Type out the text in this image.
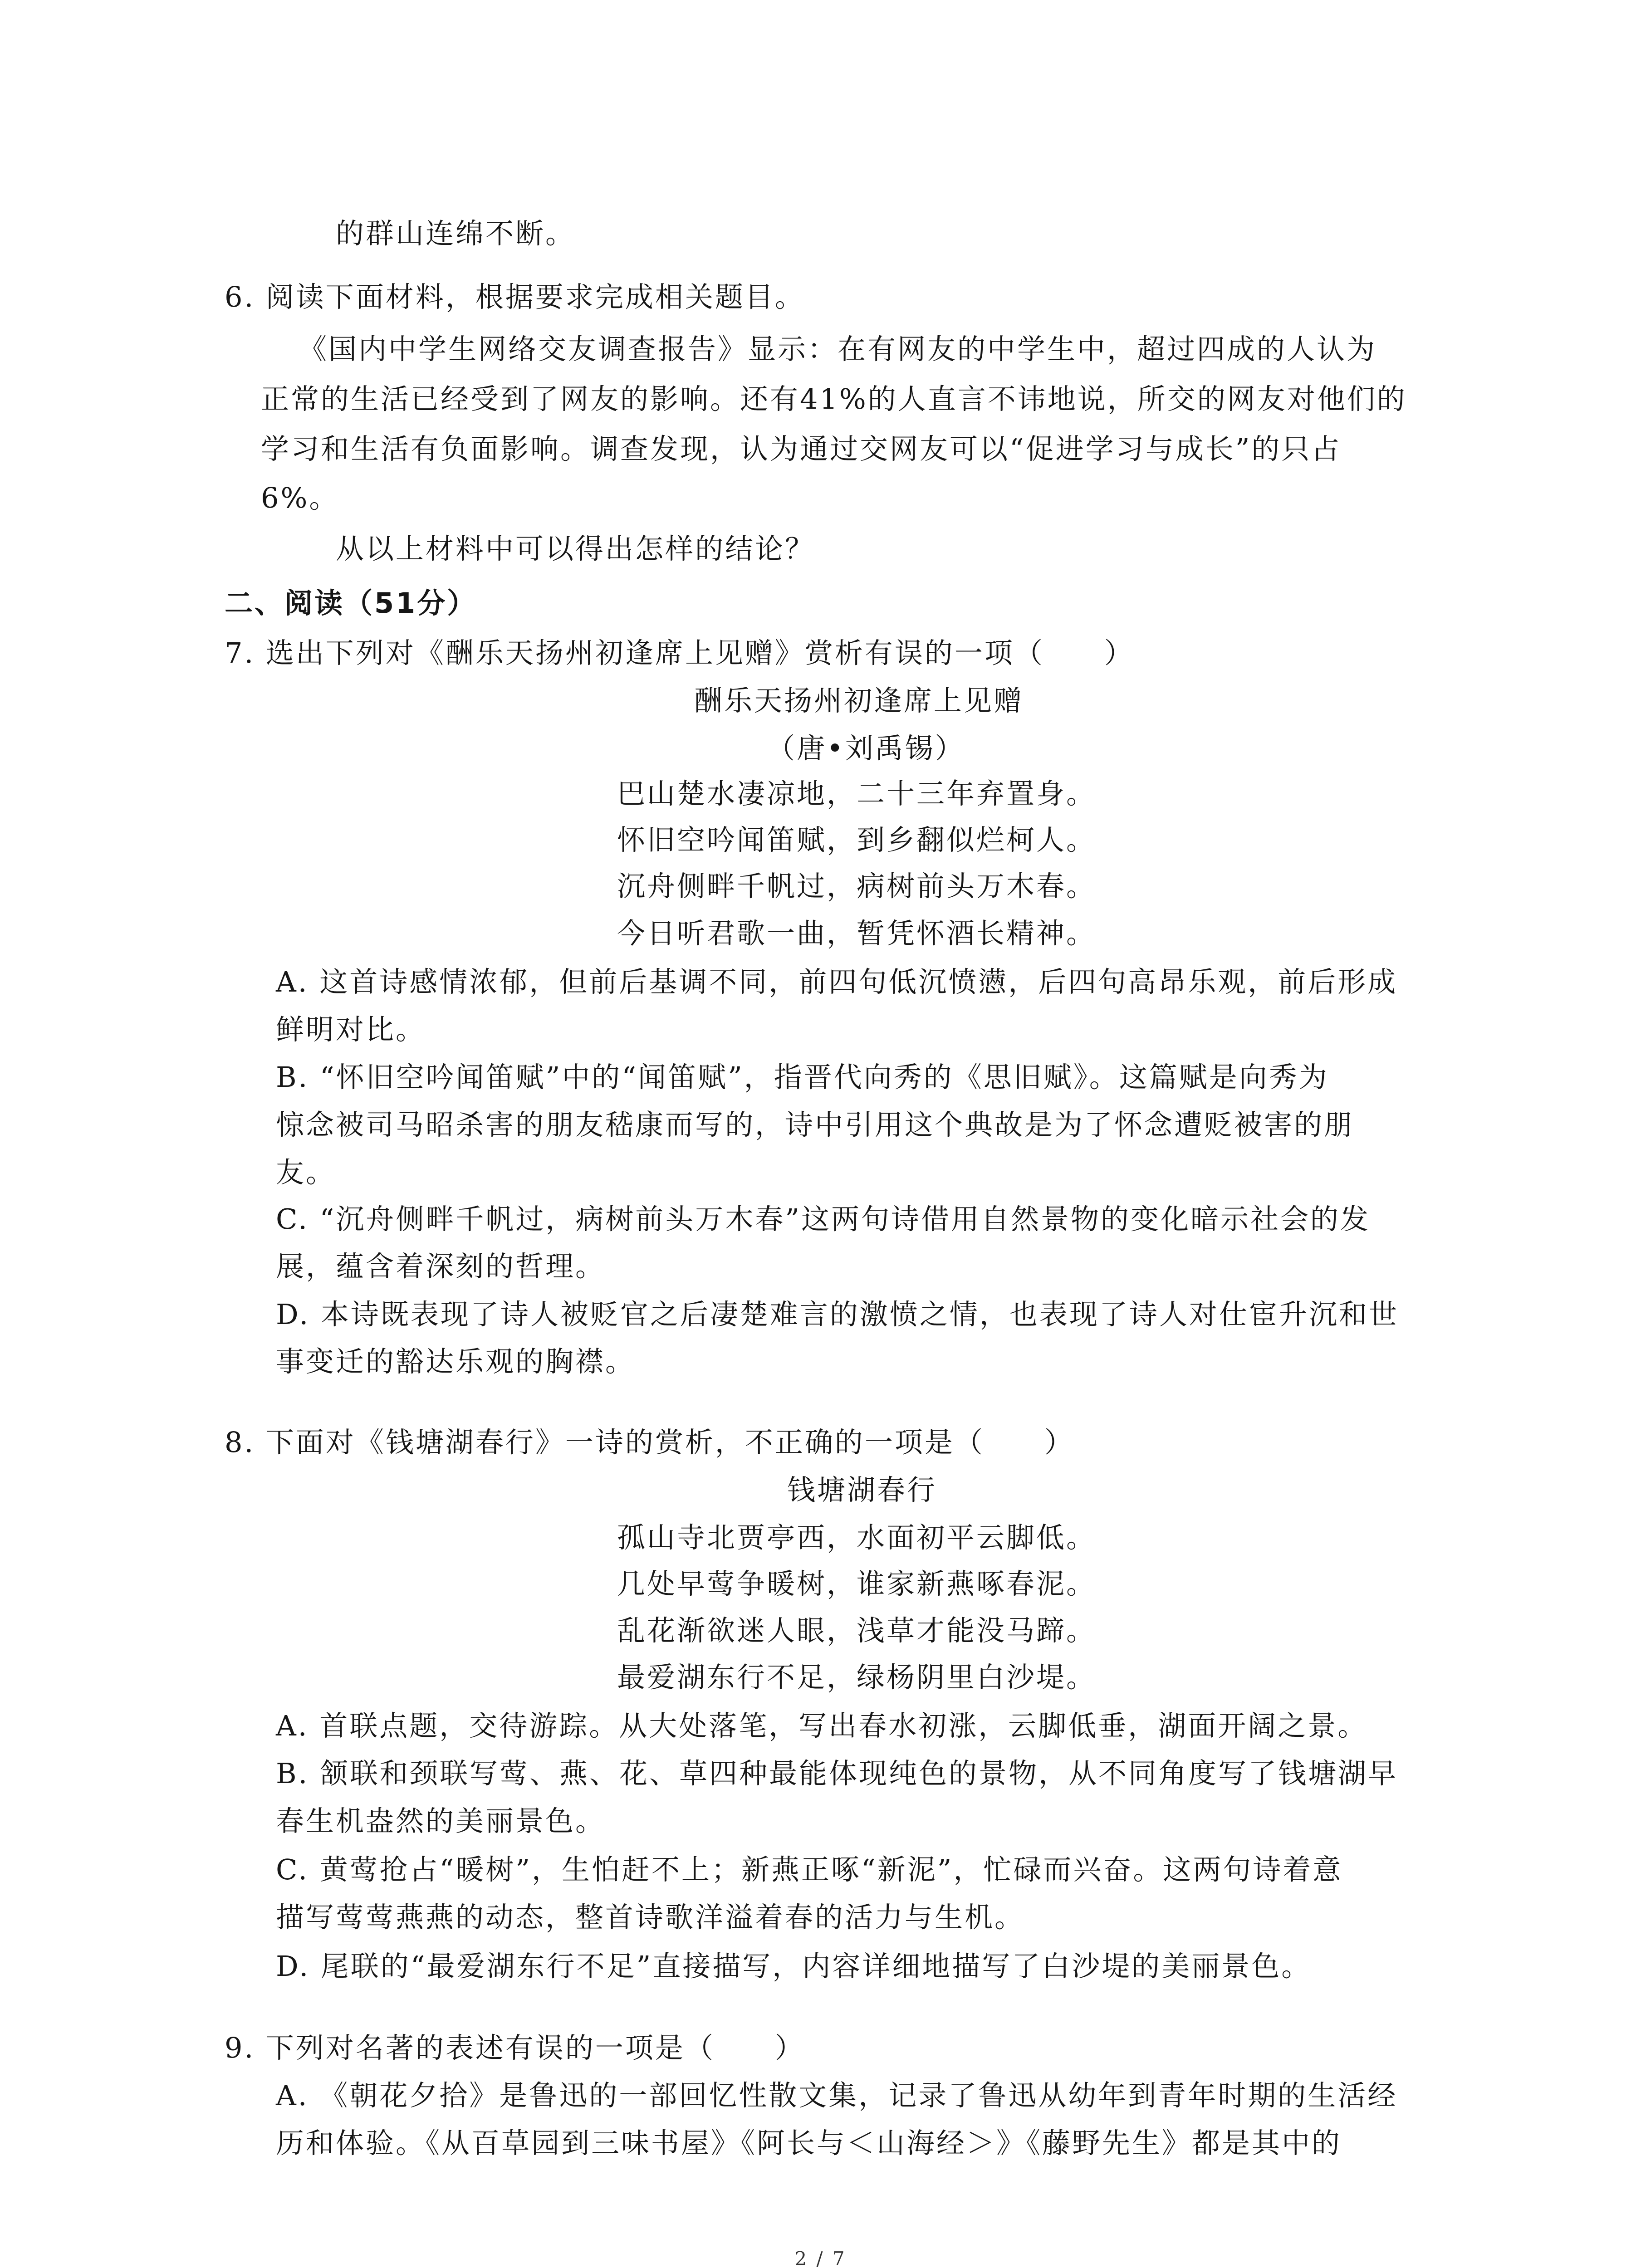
的群山连绵不断。
6. 阅读下面材料，根据要求完成相关题目。
《国内中学生网络交友调查报告》显示：在有网友的中学生中，超过四成的人认为
正常的生活已经受到了网友的影响。还有41%的人直言不讳地说，所交的网友对他们的
学习和生活有负面影响。调查发现，认为通过交网友可以“促进学习与成长”的只占
6%。
从以上材料中可以得出怎样的结论？
二、阅读（51分）
7. 选出下列对《酬乐天扬州初逢席上见赠》赏析有误的一项（　　）
酬乐天扬州初逢席上见赠
（唐•刘禹锡）
巴山楚水凄凉地，二十三年弃置身。
怀旧空吟闻笛赋，到乡翻似烂柯人。
沉舟侧畔千帆过，病树前头万木春。
今日听君歌一曲，暂凭怀酒长精神。
A. 这首诗感情浓郁，但前后基调不同，前四句低沉愤懑，后四句高昂乐观，前后形成
鲜明对比。
B. “怀旧空吟闻笛赋”中的“闻笛赋”，指晋代向秀的《思旧赋》。这篇赋是向秀为
惊念被司马昭杀害的朋友嵇康而写的，诗中引用这个典故是为了怀念遭贬被害的朋
友。
C. “沉舟侧畔千帆过，病树前头万木春”这两句诗借用自然景物的变化暗示社会的发
展，蕴含着深刻的哲理。
D. 本诗既表现了诗人被贬官之后凄楚难言的激愤之情，也表现了诗人对仕宦升沉和世
事变迁的豁达乐观的胸襟。
8. 下面对《钱塘湖春行》一诗的赏析，不正确的一项是（　　）
钱塘湖春行
孤山寺北贾亭西，水面初平云脚低。
几处早莺争暖树，谁家新燕啄春泥。
乱花渐欲迷人眼，浅草才能没马蹄。
最爱湖东行不足，绿杨阴里白沙堤。
A. 首联点题，交待游踪。从大处落笔，写出春水初涨，云脚低垂，湖面开阔之景。
B. 颔联和颈联写莺、燕、花、草四种最能体现纯色的景物，从不同角度写了钱塘湖早
春生机盎然的美丽景色。
C. 黄莺抢占“暖树”，生怕赶不上；新燕正啄“新泥”，忙碌而兴奋。这两句诗着意
描写莺莺燕燕的动态，整首诗歌洋溢着春的活力与生机。
D. 尾联的“最爱湖东行不足”直接描写，内容详细地描写了白沙堤的美丽景色。
9. 下列对名著的表述有误的一项是（　　）
A. 《朝花夕拾》是鲁迅的一部回忆性散文集，记录了鲁迅从幼年到青年时期的生活经
历和体验。《从百草园到三味书屋》《阿长与＜山海经＞》《藤野先生》都是其中的
2 / 7
